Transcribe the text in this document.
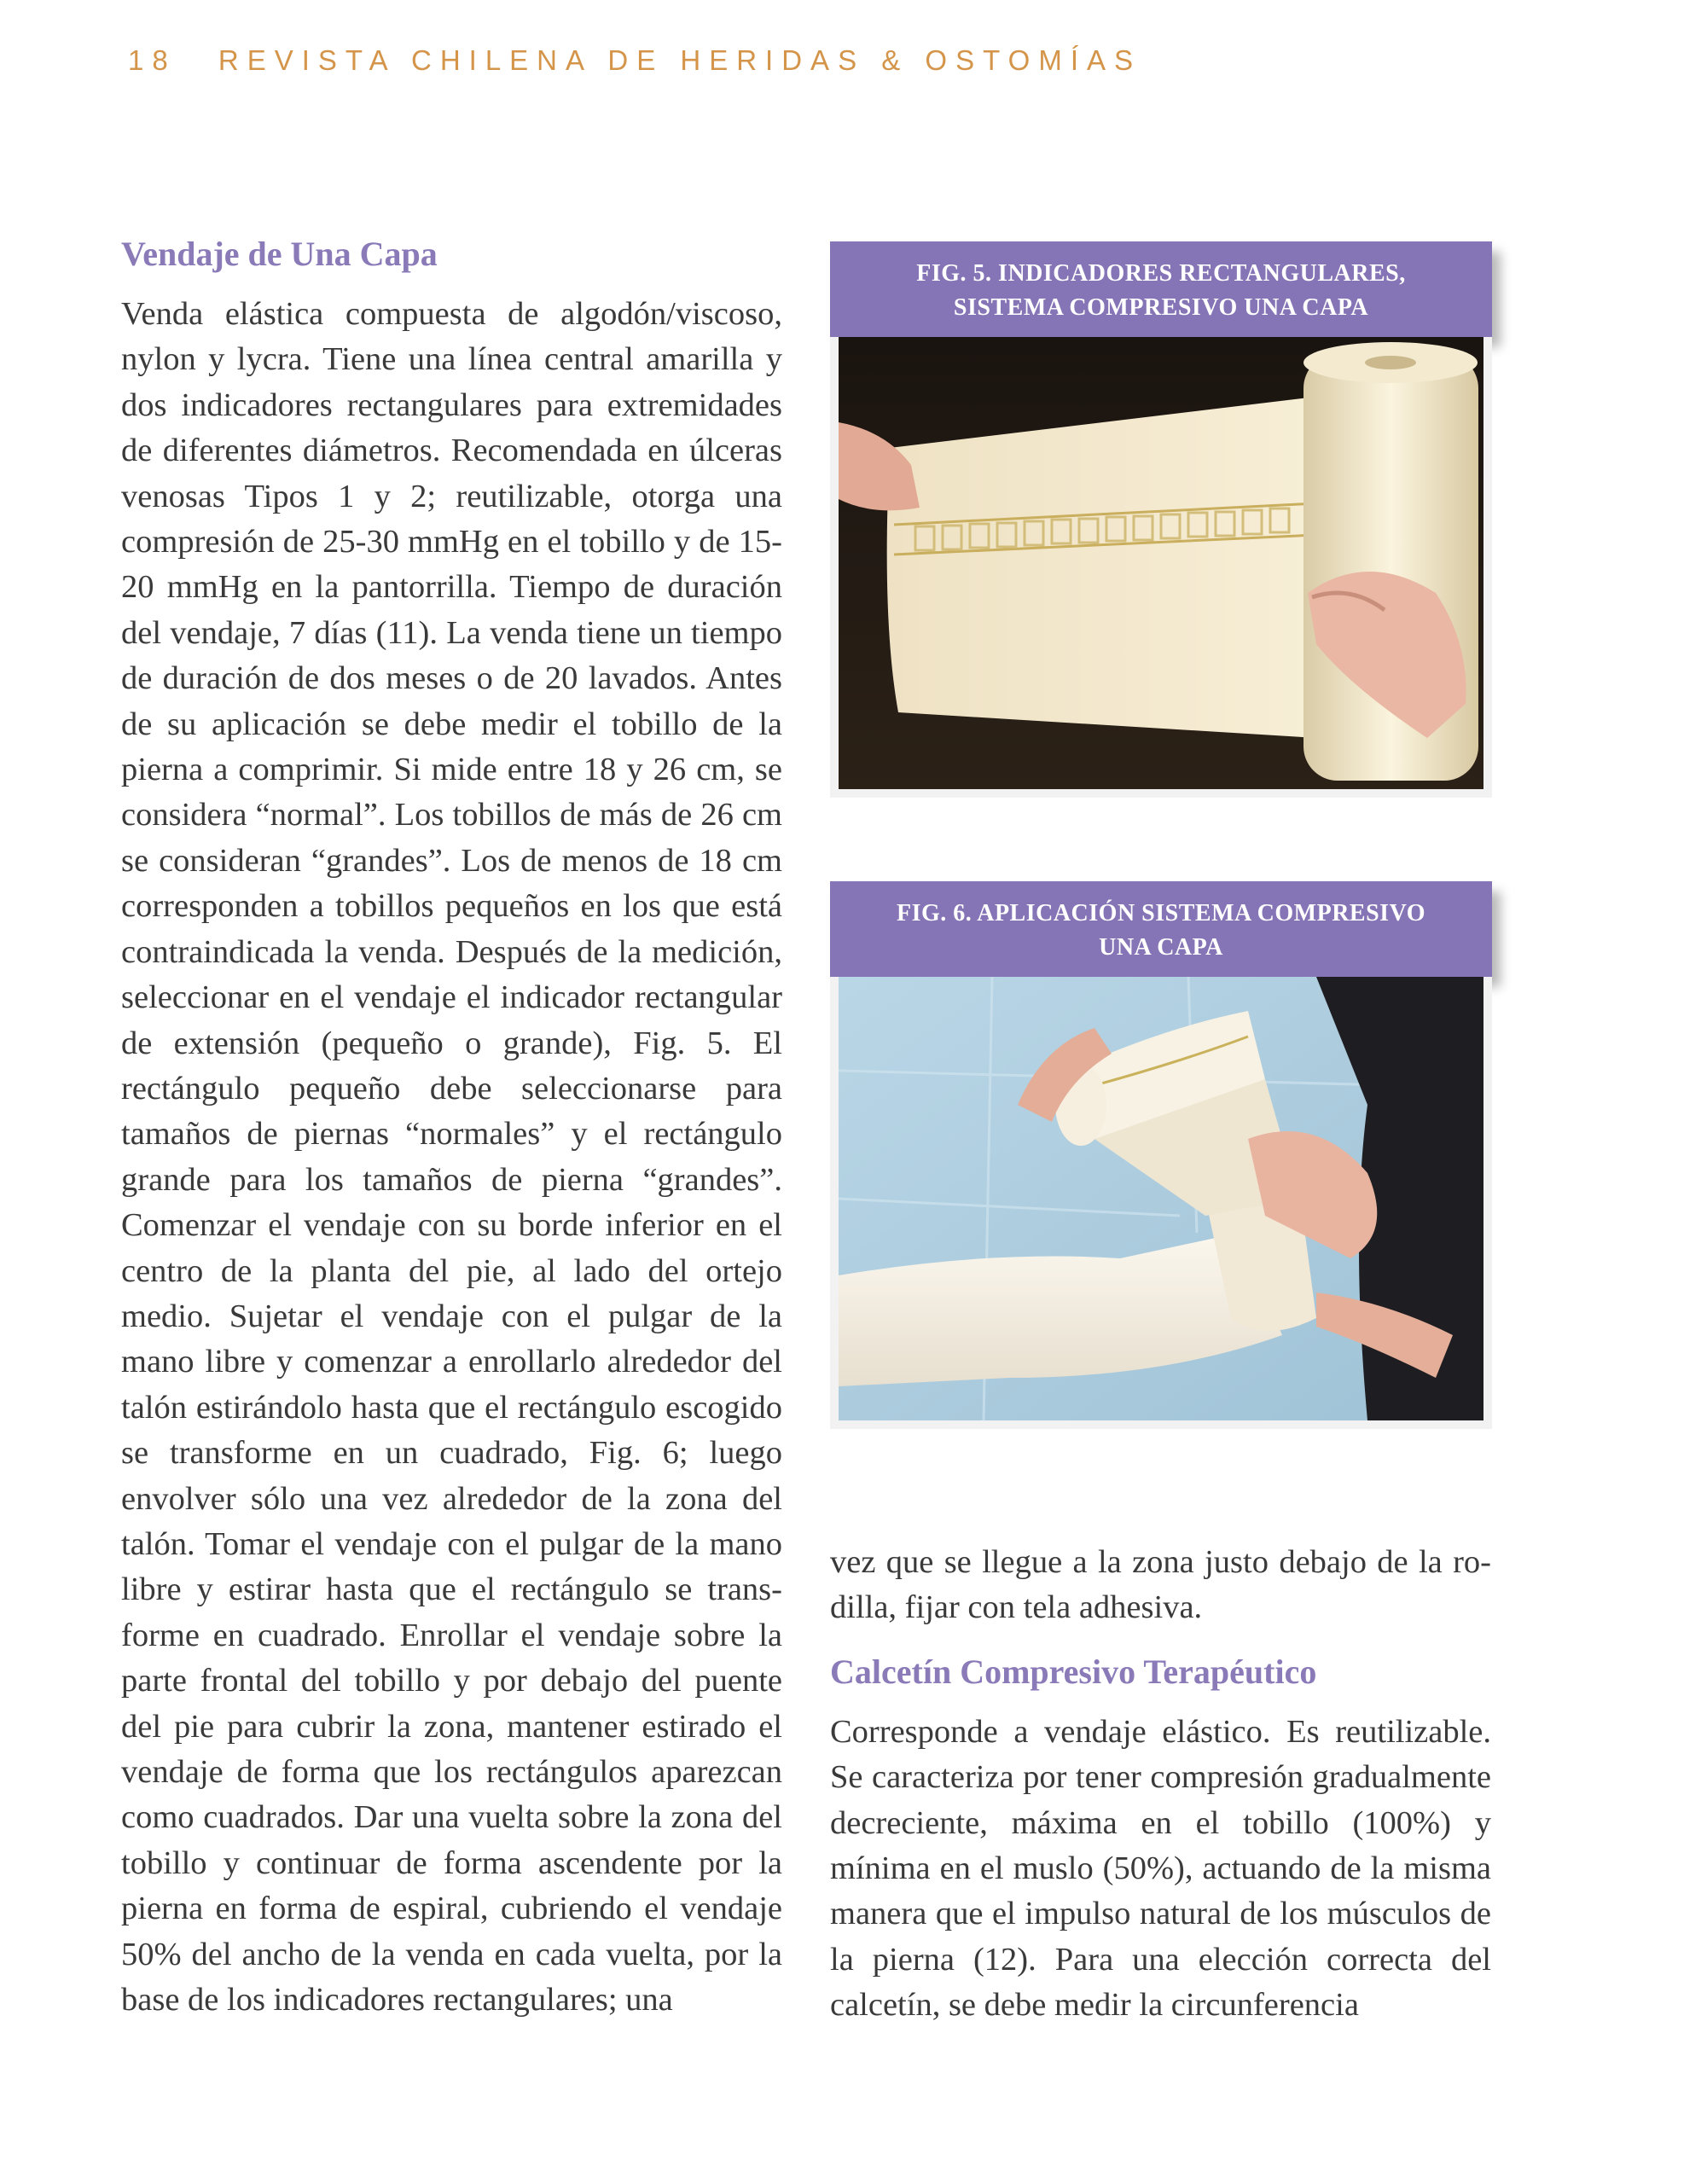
18 REVISTA CHILENA DE HERIDAS & OSTOMÍAS
Vendaje de Una Capa

Venda elástica compuesta de algodón/viscoso, nylon y lycra. Tiene una línea central amarilla y dos indicadores rectangulares para extremidades de diferentes diámetros. Recomendada en úlceras venosas Tipos 1 y 2; reutilizable, otorga una compresión de 25-30 mmHg en el tobillo y de 15-20 mmHg en la pantorrilla. Tiempo de duración del vendaje, 7 días (11). La venda tiene un tiempo de duración de dos meses o de 20 lavados. Antes de su aplicación se debe medir el tobillo de la pierna a comprimir. Si mide entre 18 y 26 cm, se considera “normal”. Los tobillos de más de 26 cm se consideran “grandes”. Los de menos de 18 cm corresponden a tobillos pequeños en los que está contraindicada la venda. Después de la medición, seleccionar en el vendaje el indicador rectangular de extensión (pequeño o grande), Fig. 5. El rectángulo pequeño debe seleccionarse para tamaños de piernas “normales” y el rectángulo grande para los tamaños de pierna “grandes”. Comenzar el vendaje con su borde inferior en el centro de la planta del pie, al lado del ortejo medio. Sujetar el vendaje con el pulgar de la mano libre y comenzar a enrollarlo alrededor del talón estirándolo hasta que el rectángulo escogido se transforme en un cuadrado, Fig. 6; luego envolver sólo una vez alrededor de la zona del talón. Tomar el vendaje con el pulgar de la mano libre y estirar hasta que el rectángulo se transforme en cuadrado. Enrollar el vendaje sobre la parte frontal del tobillo y por debajo del puente del pie para cubrir la zona, mantener estirado el vendaje de forma que los rectángulos aparezcan como cuadrados. Dar una vuelta sobre la zona del tobillo y continuar de forma ascendente por la pierna en forma de espiral, cubriendo el vendaje 50% del ancho de la venda en cada vuelta, por la base de los indicadores rectangulares; una

FIG. 5. INDICADORES RECTANGULARES,
SISTEMA COMPRESIVO UNA CAPA
FIG. 6. APLICACIÓN SISTEMA COMPRESIVO
UNA CAPA

vez que se llegue a la zona justo debajo de la rodilla, fijar con tela adhesiva.

Calcetín Compresivo Terapéutico

Corresponde a vendaje elástico. Es reutilizable. Se caracteriza por tener compresión gradualmente decreciente, máxima en el tobillo (100%) y mínima en el muslo (50%), actuando de la misma manera que el impulso natural de los músculos de la pierna (12). Para una elección correcta del calcetín, se debe medir la circunferencia
